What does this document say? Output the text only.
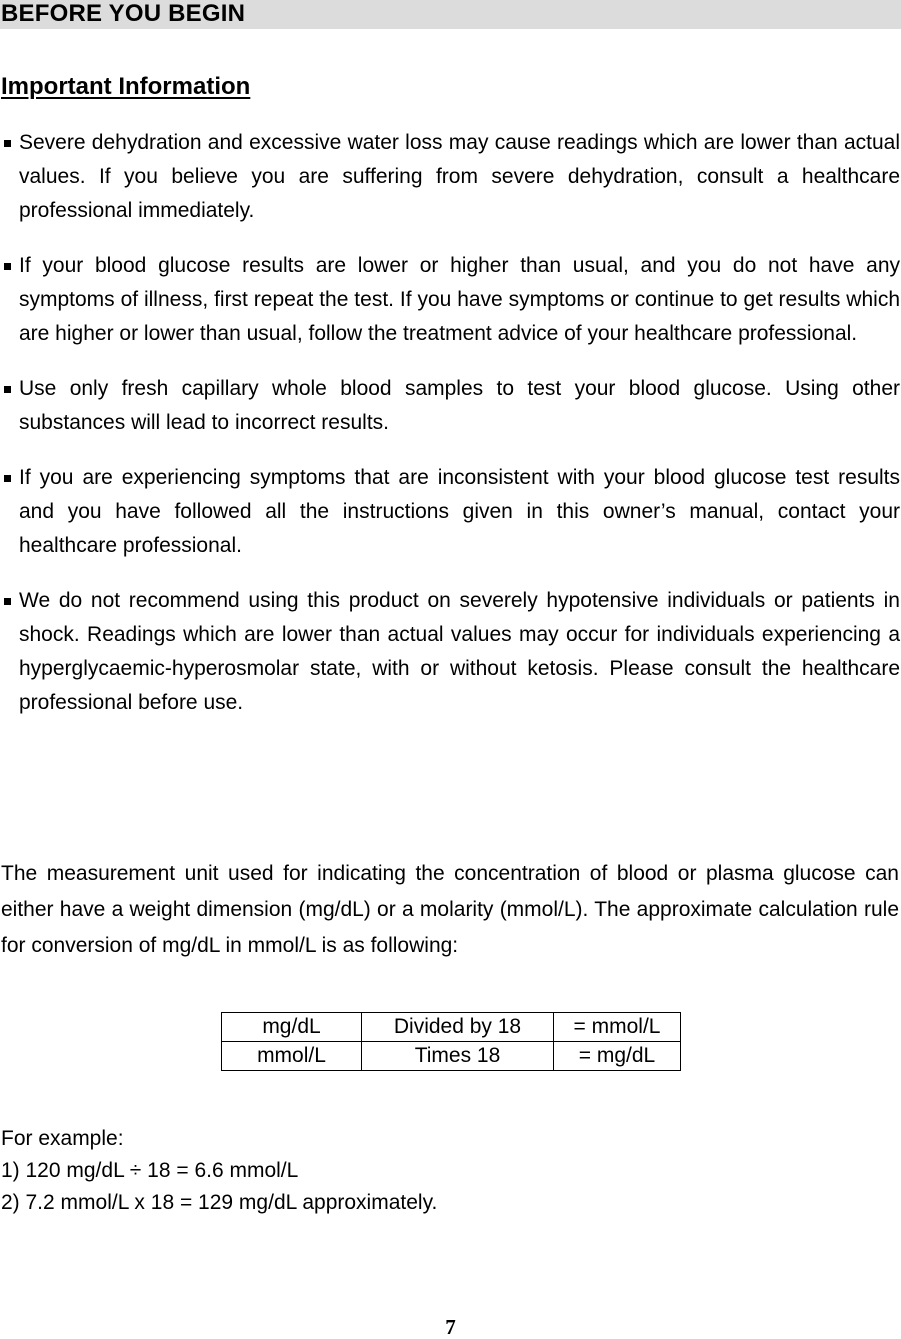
BEFORE YOU BEGIN
Important Information
Severe dehydration and excessive water loss may cause readings which are lower than actual values. If you believe you are suffering from severe dehydration, consult a healthcare professional immediately.
If your blood glucose results are lower or higher than usual, and you do not have any symptoms of illness, first repeat the test. If you have symptoms or continue to get results which are higher or lower than usual, follow the treatment advice of your healthcare professional.
Use only fresh capillary whole blood samples to test your blood glucose. Using other substances will lead to incorrect results.
If you are experiencing symptoms that are inconsistent with your blood glucose test results and you have followed all the instructions given in this owner’s manual, contact your healthcare professional.
We do not recommend using this product on severely hypotensive individuals or patients in shock. Readings which are lower than actual values may occur for individuals experiencing a hyperglycaemic-hyperosmolar state, with or without ketosis. Please consult the healthcare professional before use.

The measurement unit used for indicating the concentration of blood or plasma glucose can either have a weight dimension (mg/dL) or a molarity (mmol/L). The approximate calculation rule for conversion of mg/dL in mmol/L is as following:

mg/dL	Divided by 18	= mmol/L
mmol/L	Times 18	= mg/dL
For example:
1) 120 mg/dL ÷ 18 = 6.6 mmol/L
2) 7.2 mmol/L x 18 = 129 mg/dL approximately.
7
